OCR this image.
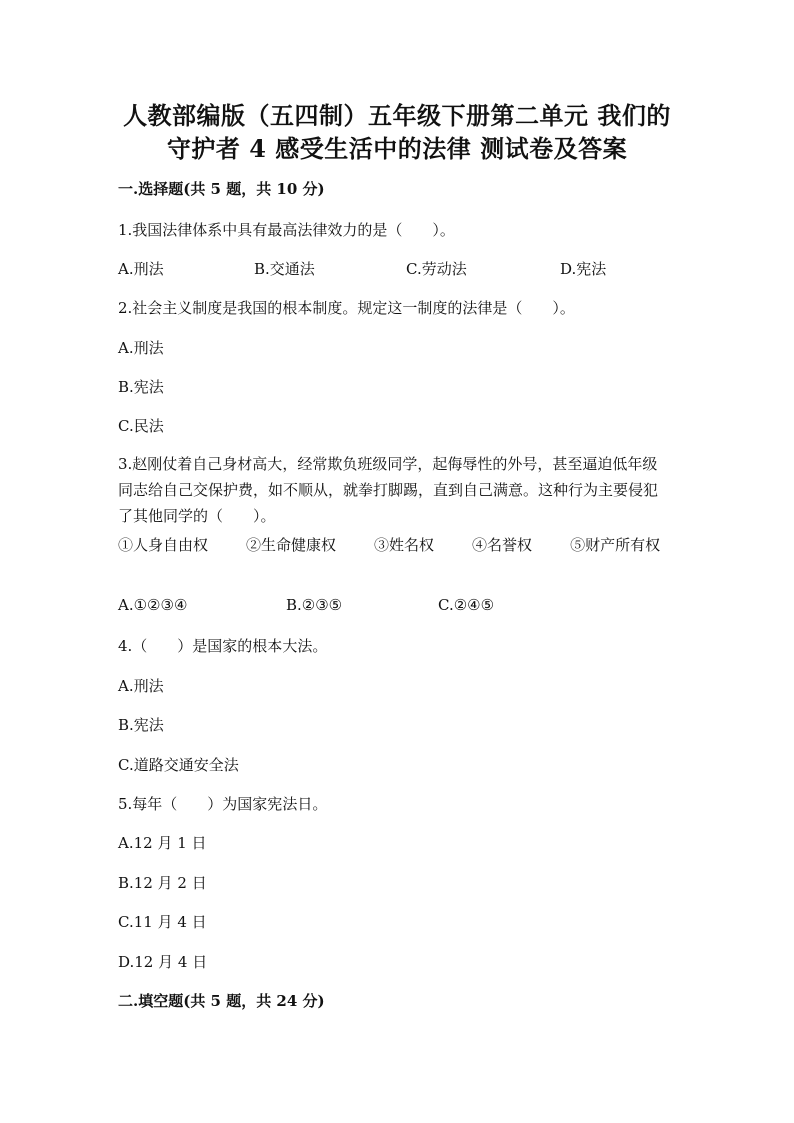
人教部编版（五四制）五年级下册第二单元 我们的
守护者 4 感受生活中的法律 测试卷及答案
一.选择题(共 5 题，共 10 分)
1.我国法律体系中具有最高法律效力的是（　　）。
A.刑法	B.交通法	C.劳动法	D.宪法
2.社会主义制度是我国的根本制度。规定这一制度的法律是（　　）。
A.刑法
B.宪法
C.民法
3.赵刚仗着自己身材高大，经常欺负班级同学，起侮辱性的外号，甚至逼迫低年级同志给自己交保护费，如不顺从，就拳打脚踢，直到自己满意。这种行为主要侵犯了其他同学的（　　）。
①人身自由权	②生命健康权	③姓名权	④名誉权	⑤财产所有权
A.①②③④	B.②③⑤	C.②④⑤
4.（　　）是国家的根本大法。
A.刑法
B.宪法
C.道路交通安全法
5.每年（　　）为国家宪法日。
A.12 月 1 日
B.12 月 2 日
C.11 月 4 日
D.12 月 4 日
二.填空题(共 5 题，共 24 分)
